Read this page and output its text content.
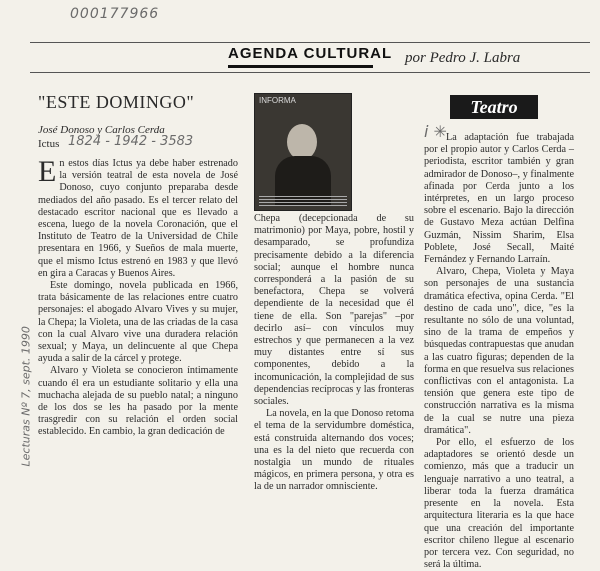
000177966
Lecturas Nº 7, sept. 1990
AGENDA CULTURAL por Pedro J. Labra
"ESTE DOMINGO"
José Donoso y Carlos Cerda
Ictus 1824 - 1942 - 3583
INFORMA	Teatro
i ✳

En estos días Ictus ya debe haber estrenado la versión teatral de esta novela de José Donoso, cuyo conjunto preparaba desde mediados del año pasado. Es el tercer relato del destacado escritor nacional que es llevado a escena, luego de la novela Coronación, que el Instituto de Teatro de la Universidad de Chile presentara en 1966, y Sueños de mala muerte, que el mismo Ictus estrenó en 1983 y que llevó en gira a Caracas y Buenos Aires.

Este domingo, novela publicada en 1966, trata básicamente de las relaciones entre cuatro personajes: el abogado Alvaro Vives y su mujer, la Chepa; la Violeta, una de las criadas de la casa con la cual Alvaro vive una duradera relación sexual; y Maya, un delincuente al que Chepa ayuda a salir de la cárcel y protege.

Alvaro y Violeta se conocieron íntimamente cuando él era un estudiante solitario y ella una muchacha alejada de su pueblo natal; a ninguno de los dos se les ha pasado por la mente trasgredir con su relación el orden social establecido. En cambio, la gran dedicación de

Chepa (decepcionada de su matrimonio) por Maya, pobre, hostil y desamparado, se profundiza precisamente debido a la diferencia social; aunque el hombre nunca corresponderá a la pasión de su benefactora, Chepa se volverá dependiente de la necesidad que él tiene de ella. Son "parejas" –por decirlo así– con vínculos muy estrechos y que permanecen a la vez muy distantes entre sí sus componentes, debido a la incomunicación, la complejidad de sus dependencias recíprocas y las fronteras sociales.

La novela, en la que Donoso retoma el tema de la servidumbre doméstica, está construida alternando dos voces; una es la del nieto que recuerda con nostalgia un mundo de rituales mágicos, en primera persona, y otra es la de un narrador omnisciente.

La adaptación fue trabajada por el propio autor y Carlos Cerda –periodista, escritor también y gran admirador de Donoso–, y finalmente afinada por Cerda junto a los intérpretes, en un largo proceso sobre el escenario. Bajo la dirección de Gustavo Meza actúan Delfina Guzmán, Nissim Sharim, Elsa Poblete, José Secall, Maité Fernández y Fernando Larraín.

Alvaro, Chepa, Violeta y Maya son personajes de una sustancia dramática efectiva, opina Cerda. "El destino de cada uno", dice, "es la resultante no sólo de una voluntad, sino de la trama de empeños y búsquedas contrapuestas que anudan a las cuatro figuras; dependen de la forma en que resuelva sus relaciones conflictivas con el antagonista. La tensión que genera este tipo de construcción narrativa es la misma de la cual se nutre una pieza dramática".

Por ello, el esfuerzo de los adaptadores se orientó desde un comienzo, más que a traducir un lenguaje narrativo a uno teatral, a liberar toda la fuerza dramática presente en la novela. Esta arquitectura literaria es la que hace que una creación del importante escritor chileno llegue al escenario por tercera vez. Con seguridad, no será la última.
